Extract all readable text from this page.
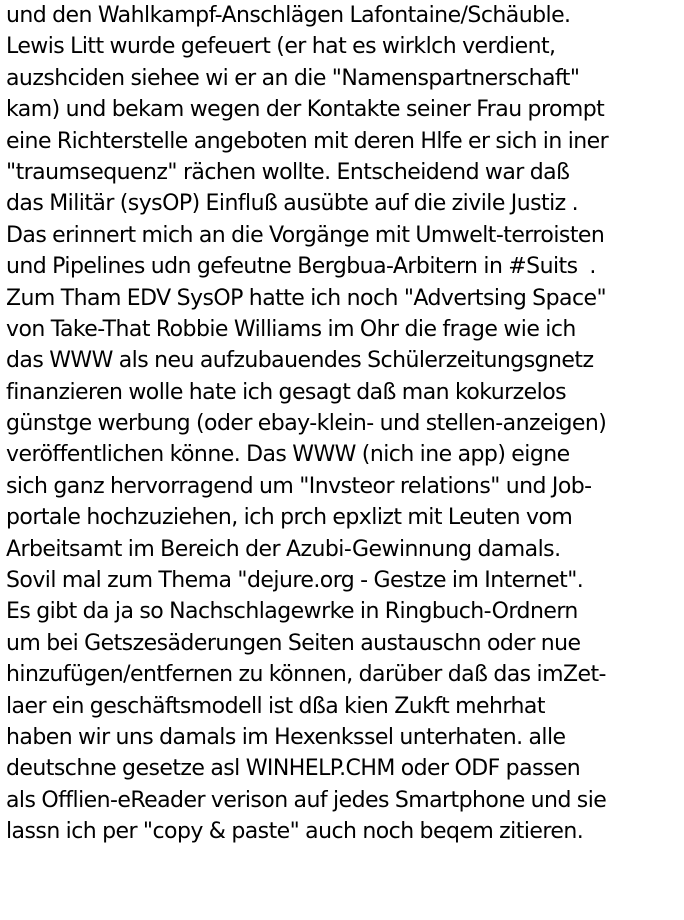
und den Wahlkampf-Anschlägen Lafontaine/Schäuble.
Lewis Litt wurde gefeuert (er hat es wirklch verdient,
auzshciden siehee wi er an die "Namenspartnerschaft"
kam) und bekam wegen der Kontakte seiner Frau prompt
eine Richterstelle angeboten mit deren Hlfe er sich in iner
"traumsequenz" rächen wollte. Entscheidend war daß
das Militär (sysOP) Einfluß ausübte auf die zivile Justiz .
Das erinnert mich an die Vorgänge mit Umwelt-terroisten
und Pipelines udn gefeutne Bergbua-Arbitern in #Suits  .
Zum Tham EDV SysOP hatte ich noch "Advertsing Space"
von Take-That Robbie Williams im Ohr die frage wie ich
das WWW als neu aufzubauendes Schülerzeitungsgnetz
finanzieren wolle hate ich gesagt daß man kokurzelos
günstge werbung (oder ebay-klein- und stellen-anzeigen)
veröffentlichen könne. Das WWW (nich ine app) eigne
sich ganz hervorragend um "Invsteor relations" und Job-
portale hochzuziehen, ich prch epxlizt mit Leuten vom
Arbeitsamt im Bereich der Azubi-Gewinnung damals.
Sovil mal zum Thema "dejure.org - Gestze im Internet".
Es gibt da ja so Nachschlagewrke in Ringbuch-Ordnern
um bei Getszesäderungen Seiten austauschn oder nue
hinzufügen/entfernen zu können, darüber daß das imZet-
laer ein geschäftsmodell ist dßa kien Zukft mehrhat
haben wir uns damals im Hexenkssel unterhaten. alle
deutschne gesetze asl WINHELP.CHM oder ODF passen
als Offlien-eReader verison auf jedes Smartphone und sie
lassn ich per "copy & paste" auch noch beqem zitieren.
